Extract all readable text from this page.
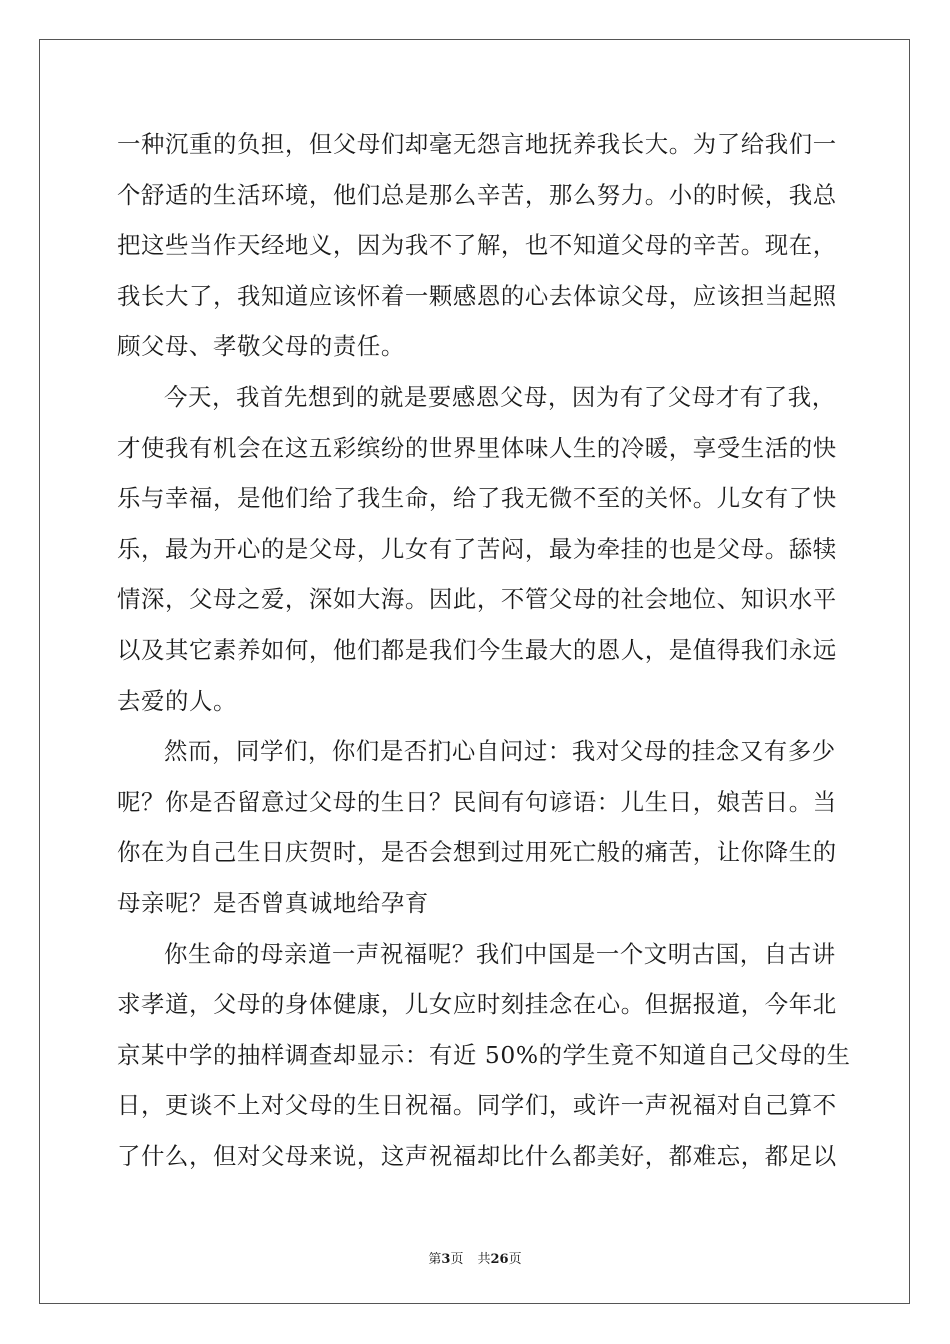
一种沉重的负担，但父母们却毫无怨言地抚养我长大。为了给我们一
个舒适的生活环境，他们总是那么辛苦，那么努力。小的时候，我总
把这些当作天经地义，因为我不了解，也不知道父母的辛苦。现在，
我长大了，我知道应该怀着一颗感恩的心去体谅父母，应该担当起照
顾父母、孝敬父母的责任。
今天，我首先想到的就是要感恩父母，因为有了父母才有了我，
才使我有机会在这五彩缤纷的世界里体味人生的冷暖，享受生活的快
乐与幸福，是他们给了我生命，给了我无微不至的关怀。儿女有了快
乐，最为开心的是父母，儿女有了苦闷，最为牵挂的也是父母。舔犊
情深，父母之爱，深如大海。因此，不管父母的社会地位、知识水平
以及其它素养如何，他们都是我们今生最大的恩人，是值得我们永远
去爱的人。
然而，同学们，你们是否扪心自问过：我对父母的挂念又有多少
呢？你是否留意过父母的生日？民间有句谚语：儿生日，娘苦日。当
你在为自己生日庆贺时，是否会想到过用死亡般的痛苦，让你降生的
母亲呢？是否曾真诚地给孕育
你生命的母亲道一声祝福呢？我们中国是一个文明古国，自古讲
求孝道，父母的身体健康，儿女应时刻挂念在心。但据报道，今年北
京某中学的抽样调查却显示：有近 50%的学生竟不知道自己父母的生
日，更谈不上对父母的生日祝福。同学们，或许一声祝福对自己算不
了什么，但对父母来说，这声祝福却比什么都美好，都难忘，都足以
第3页 共26页
